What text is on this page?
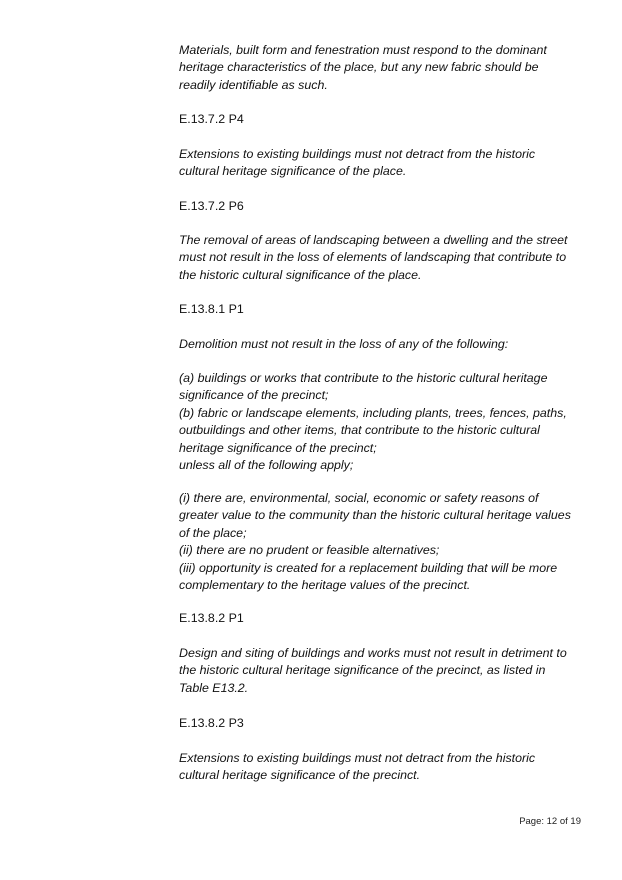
Materials, built form and fenestration must respond to the dominant
heritage characteristics of the place, but any new fabric should be
readily identifiable as such.
E.13.7.2 P4
Extensions to existing buildings must not detract from the historic
cultural heritage significance of the place.
E.13.7.2 P6
The removal of areas of landscaping between a dwelling and the street
must not result in the loss of elements of landscaping that contribute to
the historic cultural significance of the place.
E.13.8.1 P1
Demolition must not result in the loss of any of the following:
(a) buildings or works that contribute to the historic cultural heritage
significance of the precinct;
(b) fabric or landscape elements, including plants, trees, fences, paths,
outbuildings and other items, that contribute to the historic cultural
heritage significance of the precinct;
unless all of the following apply;
(i) there are, environmental, social, economic or safety reasons of
greater value to the community than the historic cultural heritage values
of the place;
(ii) there are no prudent or feasible alternatives;
(iii) opportunity is created for a replacement building that will be more
complementary to the heritage values of the precinct.
E.13.8.2 P1
Design and siting of buildings and works must not result in detriment to
the historic cultural heritage significance of the precinct, as listed in
Table E13.2.
E.13.8.2 P3
Extensions to existing buildings must not detract from the historic
cultural heritage significance of the precinct.
Page: 12 of 19
